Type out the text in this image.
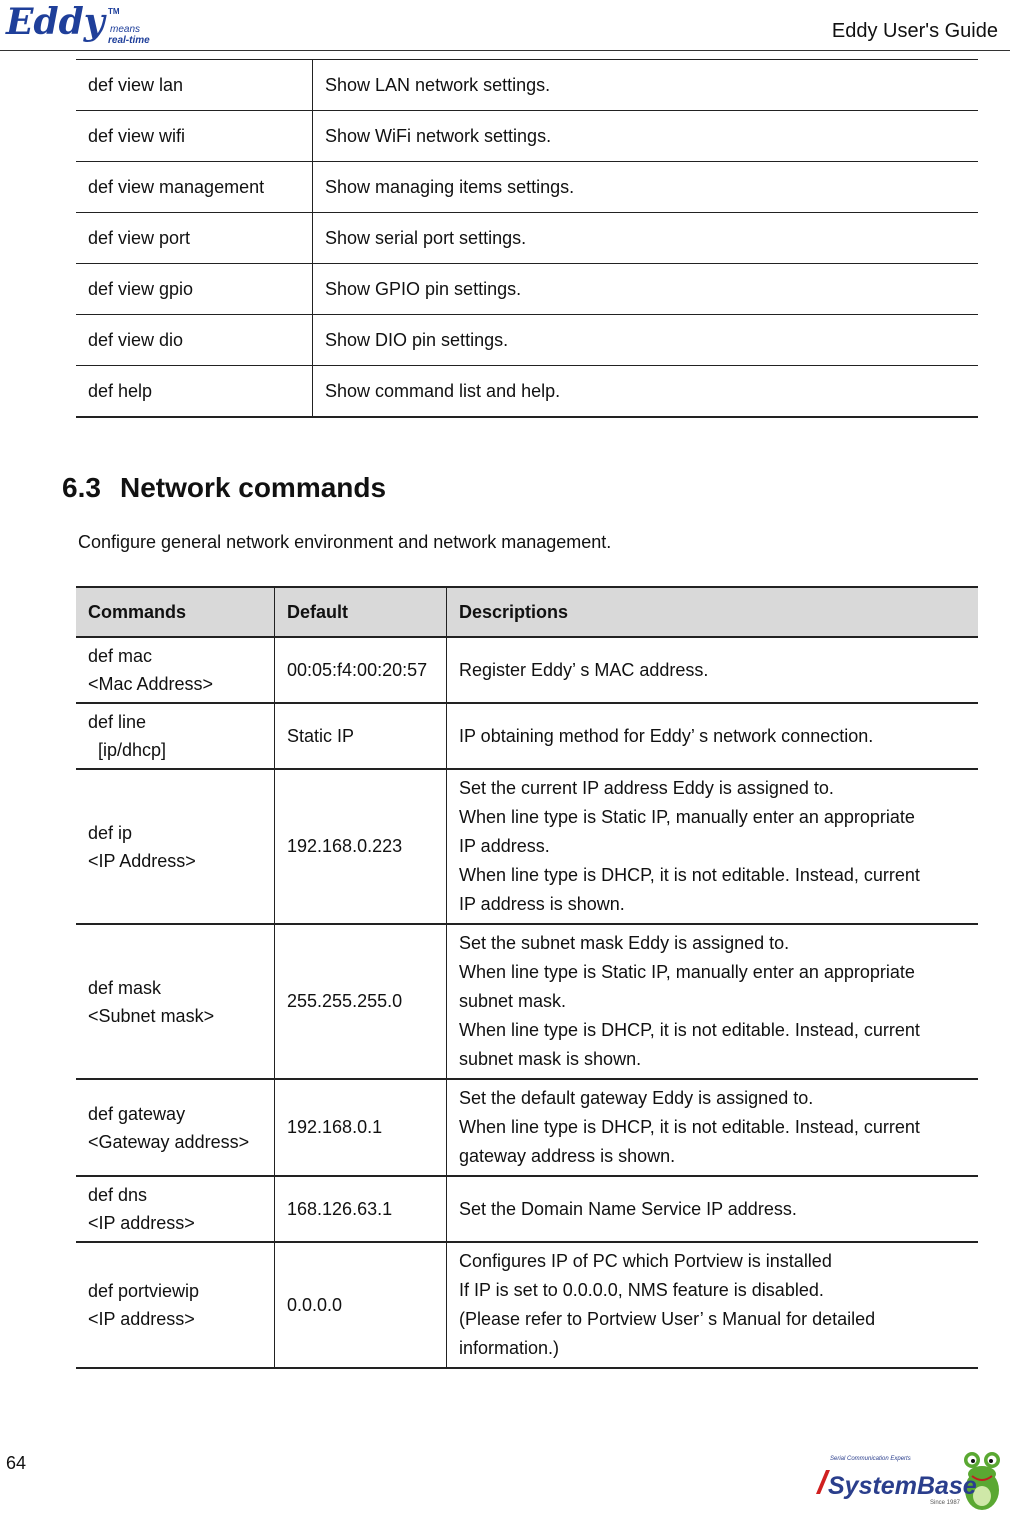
Eddy TM
means
real-time	Eddy User's Guide
def view lan	Show LAN network settings.
def view wifi	Show WiFi network settings.
def view management	Show managing items settings.
def view port	Show serial port settings.
def view gpio	Show GPIO pin settings.
def view dio	Show DIO pin settings.
def help	Show command list and help.
6.3 Network commands
Configure general network environment and network management.
Commands	Default	Descriptions

def mac
<Mac Address>	00:05:f4:00:20:57	Register Eddy’ s MAC address.

def line
[ip/dhcp]	Static IP	IP obtaining method for Eddy’ s network connection.

def ip
<IP Address>	192.168.0.223	Set the current IP address Eddy is assigned to.
When line type is Static IP, manually enter an appropriate
IP address.
When line type is DHCP, it is not editable. Instead, current
IP address is shown.

def mask
<Subnet mask>	255.255.255.0	Set the subnet mask Eddy is assigned to.
When line type is Static IP, manually enter an appropriate
subnet mask.
When line type is DHCP, it is not editable. Instead, current
subnet mask is shown.

def gateway
<Gateway address>	192.168.0.1	Set the default gateway Eddy is assigned to.
When line type is DHCP, it is not editable. Instead, current
gateway address is shown.

def dns
<IP address>	168.126.63.1	Set the Domain Name Service IP address.

def portviewip
<IP address>	0.0.0.0	Configures IP of PC which Portview is installed
If IP is set to 0.0.0.0, NMS feature is disabled.
(Please refer to Portview User’ s Manual for detailed
information.)
64	Serial Communication Experts
SystemBase
Since 1987
